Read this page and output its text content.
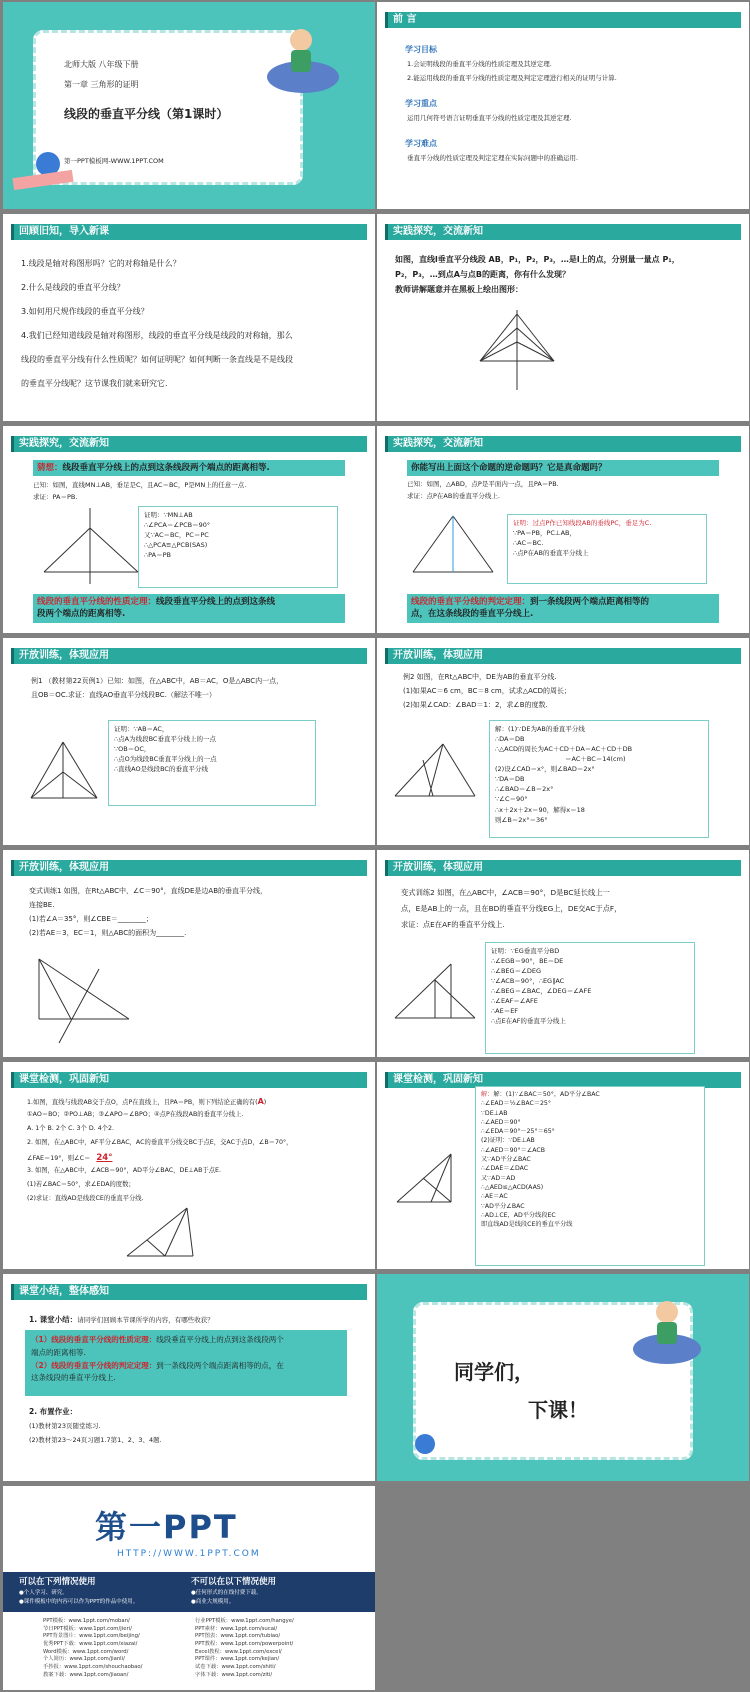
北师大版 八年级下册
第一章 三角形的证明
线段的垂直平分线（第1课时）
第一PPT模板网-WWW.1PPT.COM
前 言
学习目标
1.会证明线段的垂直平分线的性质定理及其逆定理.
2.能运用线段的垂直平分线的性质定理及判定定理进行相关的证明与计算.
学习重点
运用几何符号语言证明垂直平分线的性质定理及其逆定理.
学习难点
垂直平分线的性质定理及判定定理在实际问题中的准确运用.
回顾旧知，导入新课
1.线段是轴对称图形吗？它的对称轴是什么？
2.什么是线段的垂直平分线？
3.如何用尺规作线段的垂直平分线？
4.我们已经知道线段是轴对称图形，线段的垂直平分线是线段的对称轴，那么
线段的垂直平分线有什么性质呢？如何证明呢？如何判断一条直线是不是线段
的垂直平分线呢？这节课我们就来研究它.
实践探究，交流新知
如图，直线l垂直平分线段 AB，P₁，P₂，P₃，…是l上的点，分别量一量点 P₁，
P₂，P₃，…到点A与点B的距离，你有什么发现？
教师讲解题意并在黑板上绘出图形：
实践探究，交流新知
猜想：线段垂直平分线上的点到这条线段两个端点的距离相等.
已知：如图，直线MN⊥AB，垂足是C，且AC＝BC，P是MN上的任意一点.
求证：PA＝PB.
证明：∵MN⊥AB
∴∠PCA＝∠PCB＝90°
又∵AC＝BC，PC＝PC
∴△PCA≌△PCB(SAS)
∴PA＝PB
线段的垂直平分线的性质定理：线段垂直平分线上的点到这条线
段两个端点的距离相等.
实践探究，交流新知
你能写出上面这个命题的逆命题吗？它是真命题吗？
已知：如图，△ABD，点P是平面内一点，且PA＝PB.
求证：点P在AB的垂直平分线上.
证明：过点P作已知线段AB的垂线PC，垂足为C.
∵PA＝PB，PC⊥AB，
∴AC＝BC.
∴点P在AB的垂直平分线上
线段的垂直平分线的判定定理：到一条线段两个端点距离相等的
点，在这条线段的垂直平分线上.
开放训练，体现应用
例1 （教材第22页例1）已知：如图，在△ABC中，AB＝AC，O是△ABC内一点，
且OB＝OC.求证：直线AO垂直平分线段BC.（解法不唯一）
证明：∵AB＝AC，
∴点A为线段BC垂直平分线上的一点
∵OB＝OC，
∴点O为线段BC垂直平分线上的一点
∴直线AO是线段BC的垂直平分线
开放训练，体现应用
例2 如图，在Rt△ABC中，DE为AB的垂直平分线.
(1)如果AC＝6 cm，BC＝8 cm，试求△ACD的周长；
(2)如果∠CAD：∠BAD＝1：2，求∠B的度数.
解：(1)∵DE为AB的垂直平分线
∴DA＝DB
∴△ACD的周长为AC＋CD＋DA＝AC＋CD＋DB
＝AC＋BC＝14(cm)
(2)设∠CAD＝x°，则∠BAD＝2x°
∵DA＝DB
∴∠BAD＝∠B＝2x°
∵∠C＝90°
∴x＋2x＋2x＝90，解得x＝18
则∠B＝2x°＝36°
开放训练，体现应用
变式训练1 如图，在Rt△ABC中，∠C＝90°，直线DE是边AB的垂直平分线，
连接BE.
(1)若∠A＝35°，则∠CBE＝________；
(2)若AE＝3，EC＝1，则△ABC的面积为________.
开放训练，体现应用
变式训练2 如图，在△ABC中，∠ACB＝90°，D是BC延长线上一
点，E是AB上的一点，且在BD的垂直平分线EG上，DE交AC于点F，
求证：点E在AF的垂直平分线上.
证明：∵EG垂直平分BD
∴∠EGB＝90°，BE＝DE
∴∠BEG＝∠DEG
∵∠ACB＝90°，∴EG∥AC
∴∠BEG＝∠BAC，∠DEG＝∠AFE
∴∠EAF＝∠AFE
∴AE＝EF
∴点E在AF的垂直平分线上
课堂检测，巩固新知
1.如图，直线与线段AB交于点O，点P在直线上，且PA＝PB，则下列结论正确的有(A)
①AO＝BO；②PO⊥AB；③∠APO＝∠BPO；④点P在线段AB的垂直平分线上.
A. 1个 B. 2个 C. 3个 D. 4个2.
2. 如图，在△ABC中，AF平分∠BAC，AC的垂直平分线交BC于点E，交AC于点D，∠B＝70°，
∠FAE＝19°，则∠C＝ 24°
3. 如图，在△ABC中，∠ACB＝90°，AD平分∠BAC，DE⊥AB于点E.
(1)若∠BAC＝50°，求∠EDA的度数；
(2)求证：直线AD是线段CE的垂直平分线.
课堂检测，巩固新知
解：解：(1)∵∠BAC＝50°，AD平分∠BAC
∴∠EAD＝½∠BAC＝25°
∵DE⊥AB
∴∠AED＝90°
∴∠EDA＝90°－25°＝65°
(2)证明：∵DE⊥AB
∴∠AED＝90°＝∠ACB
又∵AD平分∠BAC
∴∠DAE＝∠DAC
又∵AD＝AD
∴△AED≌△ACD(AAS)
∴AE＝AC
∵AD平分∠BAC
∴AD⊥CE，AD平分线段EC
即直线AD是线段CE的垂直平分线
课堂小结，整体感知
1. 课堂小结：请同学们回顾本节课所学的内容，有哪些收获？
（1）线段的垂直平分线的性质定理：线段垂直平分线上的点到这条线段两个
端点的距离相等.
（2）线段的垂直平分线的判定定理：到一条线段两个端点距离相等的点，在
这条线段的垂直平分线上.
2. 布置作业：
(1)教材第23页随堂练习.
(2)教材第23～24页习题1.7第1、2、3、4题.
同学们，
下课！
第一PPT
HTTP://WWW.1PPT.COM
可以在下列情况使用
●个人学习、研究。
●课件模板中的内容可以作为PPT的作品中使用。
不可以在以下情况使用
●任何形式的在线付费下载。
●商业大规模用。
PPT模板：www.1ppt.com/moban/
节日PPT模板：www.1ppt.com/jieri/
PPT背景图片：www.1ppt.com/beijing/
优秀PPT下载：www.1ppt.com/xiazai/
Word模板：www.1ppt.com/word/
个人简历：www.1ppt.com/jianli/
手抄报：www.1ppt.com/shouchaobao/
教案下载：www.1ppt.com/jiaoan/
行业PPT模板：www.1ppt.com/hangye/
PPT素材：www.1ppt.com/sucai/
PPT图表：www.1ppt.com/tubiao/
PPT教程：www.1ppt.com/powerpoint/
Excel教程：www.1ppt.com/excel/
PPT课件：www.1ppt.com/kejian/
试卷下载：www.1ppt.com/shiti/
字体下载：www.1ppt.com/ziti/
